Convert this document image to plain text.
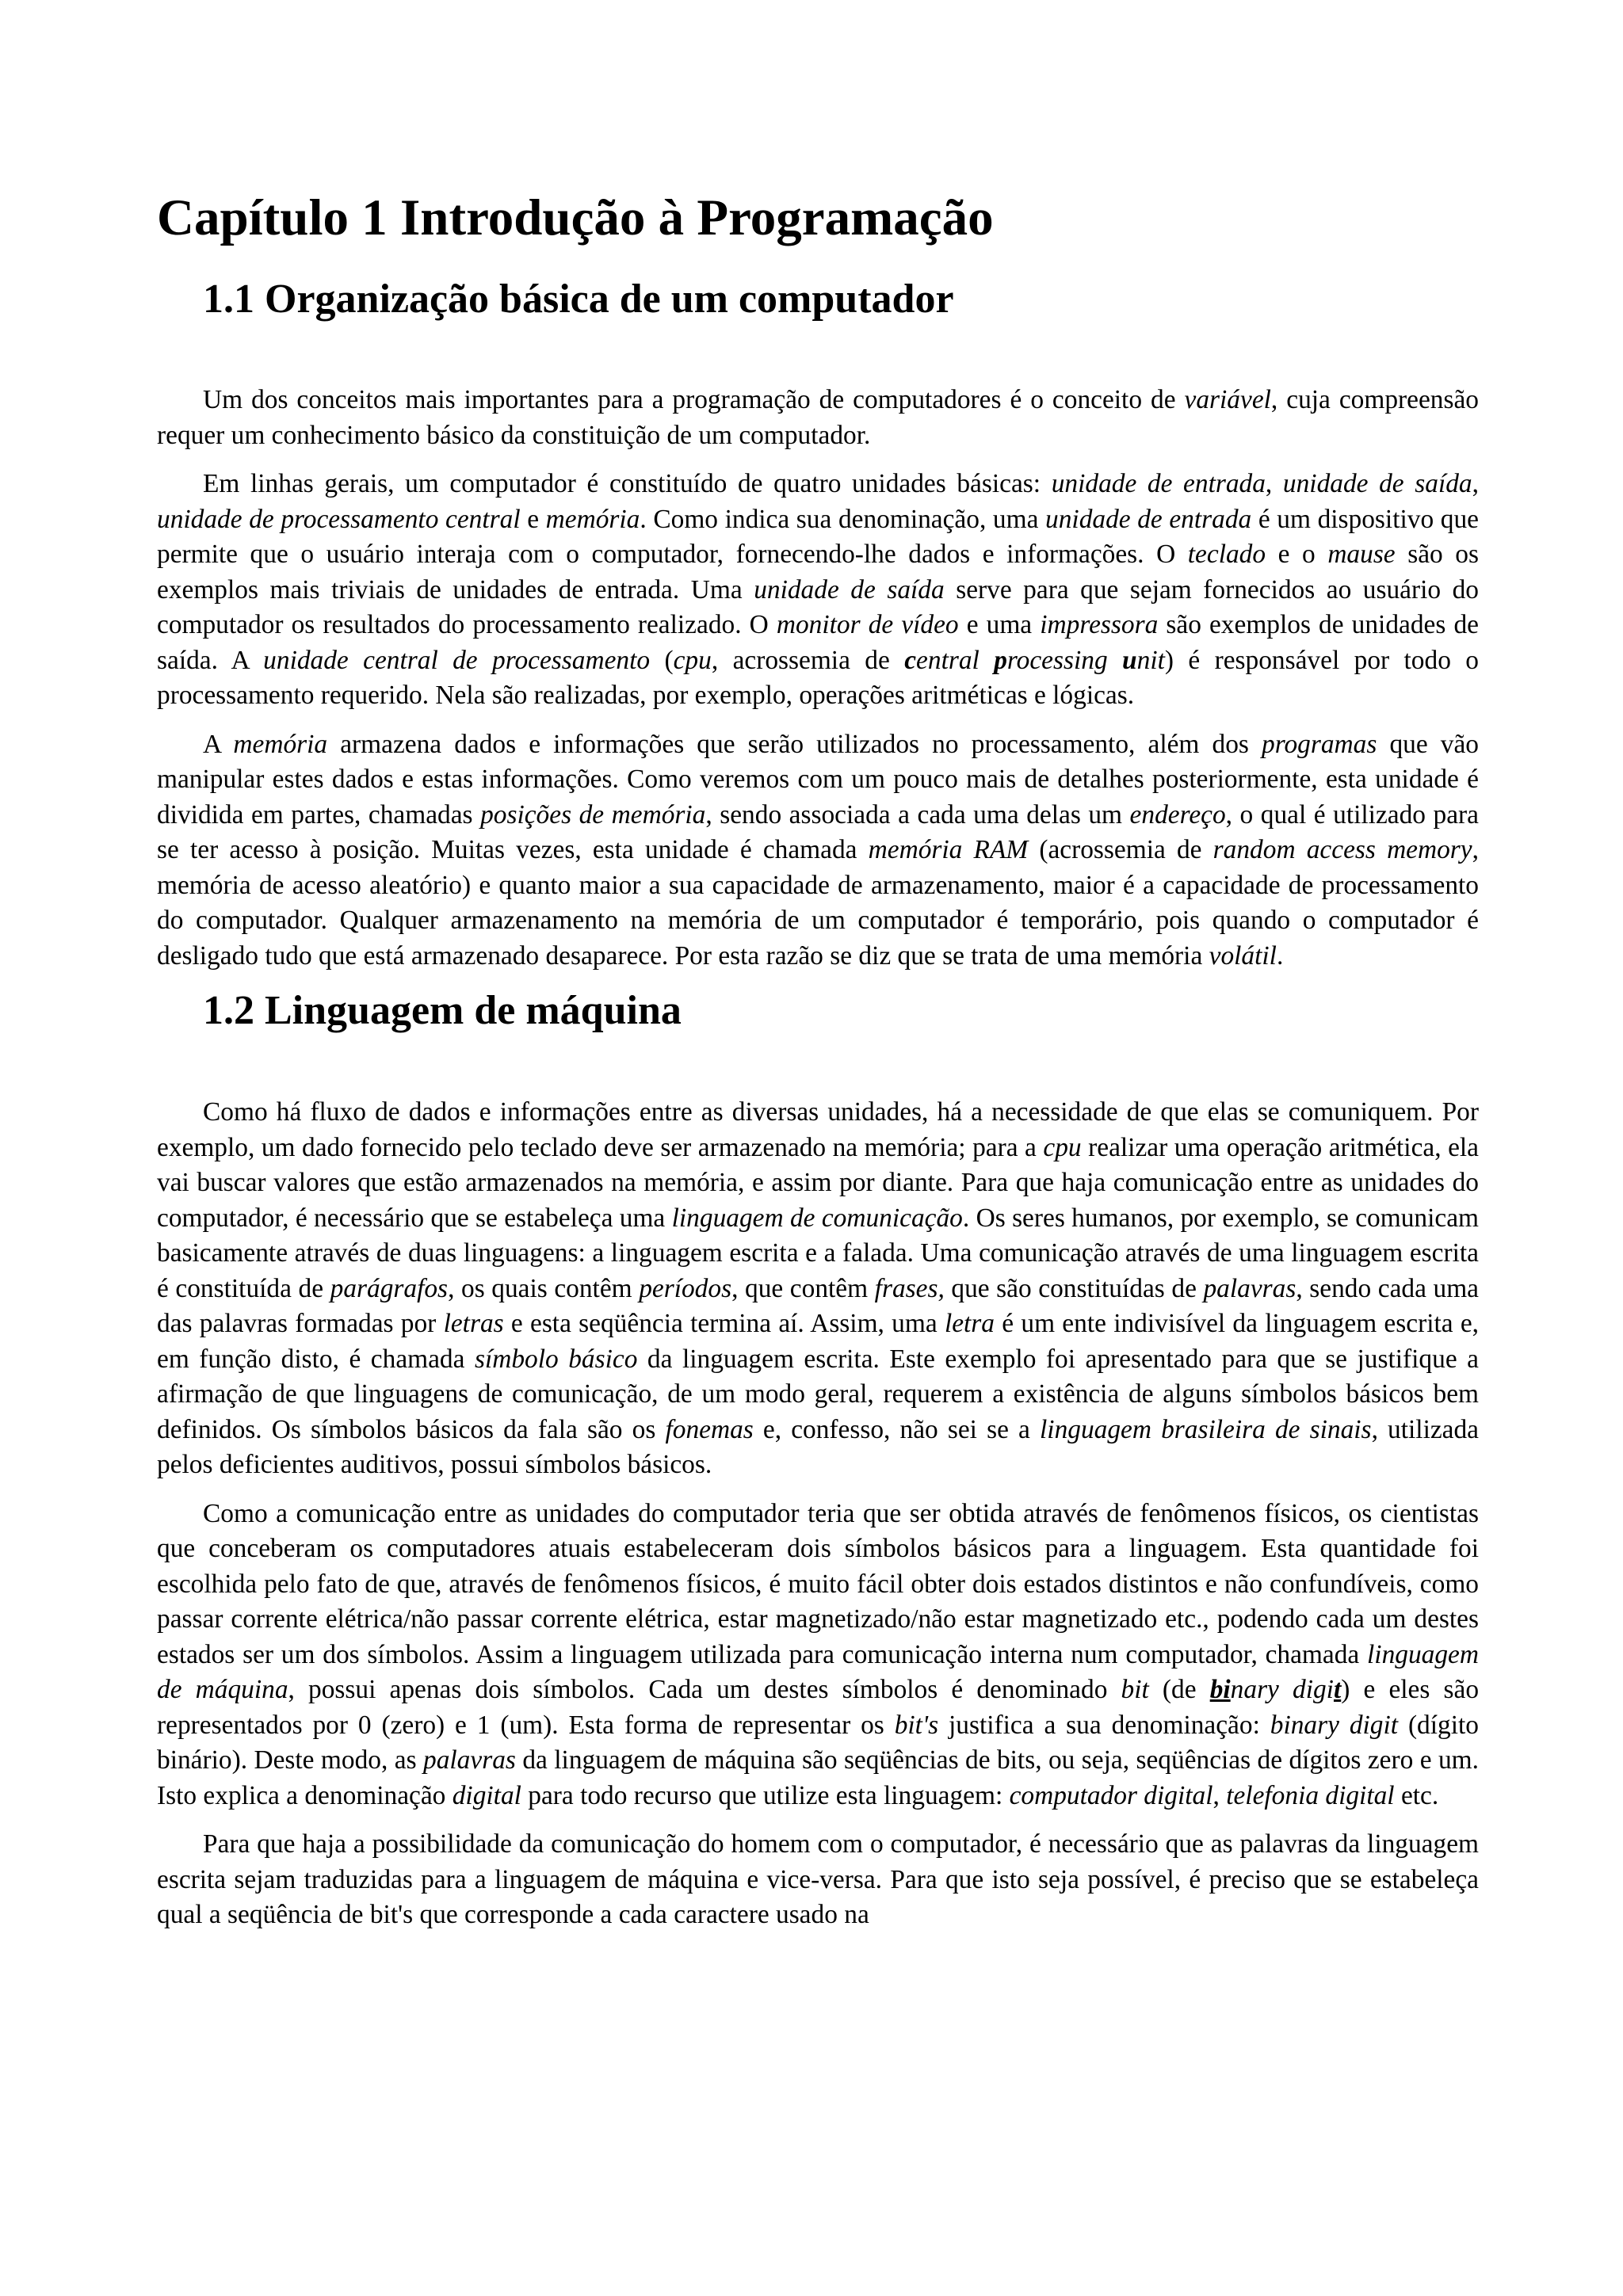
Capítulo 1 Introdução à Programação
1.1 Organização básica de um computador

Um dos conceitos mais importantes para a programação de computadores é o conceito de variável, cuja compreensão requer um conhecimento básico da constituição de um computador.

Em linhas gerais, um computador é constituído de quatro unidades básicas: unidade de entrada, unidade de saída, unidade de processamento central e memória. Como indica sua denominação, uma unidade de entrada é um dispositivo que permite que o usuário interaja com o computador, fornecendo-lhe dados e informações. O teclado e o mause são os exemplos mais triviais de unidades de entrada. Uma unidade de saída serve para que sejam fornecidos ao usuário do computador os resultados do processamento realizado. O monitor de vídeo e uma impressora são exemplos de unidades de saída. A unidade central de processamento (cpu, acrossemia de central processing unit) é responsável por todo o processamento requerido. Nela são realizadas, por exemplo, operações aritméticas e lógicas.

A memória armazena dados e informações que serão utilizados no processamento, além dos programas que vão manipular estes dados e estas informações. Como veremos com um pouco mais de detalhes posteriormente, esta unidade é dividida em partes, chamadas posições de memória, sendo associada a cada uma delas um endereço, o qual é utilizado para se ter acesso à posição. Muitas vezes, esta unidade é chamada memória RAM (acrossemia de random access memory, memória de acesso aleatório) e quanto maior a sua capacidade de armazenamento, maior é a capacidade de processamento do computador. Qualquer armazenamento na memória de um computador é temporário, pois quando o computador é desligado tudo que está armazenado desaparece. Por esta razão se diz que se trata de uma memória volátil.

1.2 Linguagem de máquina

Como há fluxo de dados e informações entre as diversas unidades, há a necessidade de que elas se comuniquem. Por exemplo, um dado fornecido pelo teclado deve ser armazenado na memória; para a cpu realizar uma operação aritmética, ela vai buscar valores que estão armazenados na memória, e assim por diante. Para que haja comunicação entre as unidades do computador, é necessário que se estabeleça uma linguagem de comunicação. Os seres humanos, por exemplo, se comunicam basicamente através de duas linguagens: a linguagem escrita e a falada. Uma comunicação através de uma linguagem escrita é constituída de parágrafos, os quais contêm períodos, que contêm frases, que são constituídas de palavras, sendo cada uma das palavras formadas por letras e esta seqüência termina aí. Assim, uma letra é um ente indivisível da linguagem escrita e, em função disto, é chamada símbolo básico da linguagem escrita. Este exemplo foi apresentado para que se justifique a afirmação de que linguagens de comunicação, de um modo geral, requerem a existência de alguns símbolos básicos bem definidos. Os símbolos básicos da fala são os fonemas e, confesso, não sei se a linguagem brasileira de sinais, utilizada pelos deficientes auditivos, possui símbolos básicos.

Como a comunicação entre as unidades do computador teria que ser obtida através de fenômenos físicos, os cientistas que conceberam os computadores atuais estabeleceram dois símbolos básicos para a linguagem. Esta quantidade foi escolhida pelo fato de que, através de fenômenos físicos, é muito fácil obter dois estados distintos e não confundíveis, como passar corrente elétrica/não passar corrente elétrica, estar magnetizado/não estar magnetizado etc., podendo cada um destes estados ser um dos símbolos. Assim a linguagem utilizada para comunicação interna num computador, chamada linguagem de máquina, possui apenas dois símbolos. Cada um destes símbolos é denominado bit (de binary digit) e eles são representados por 0 (zero) e 1 (um). Esta forma de representar os bit's justifica a sua denominação: binary digit (dígito binário). Deste modo, as palavras da linguagem de máquina são seqüências de bits, ou seja, seqüências de dígitos zero e um. Isto explica a denominação digital para todo recurso que utilize esta linguagem: computador digital, telefonia digital etc.

Para que haja a possibilidade da comunicação do homem com o computador, é necessário que as palavras da linguagem escrita sejam traduzidas para a linguagem de máquina e vice-versa. Para que isto seja possível, é preciso que se estabeleça qual a seqüência de bit's que corresponde a cada caractere usado na
